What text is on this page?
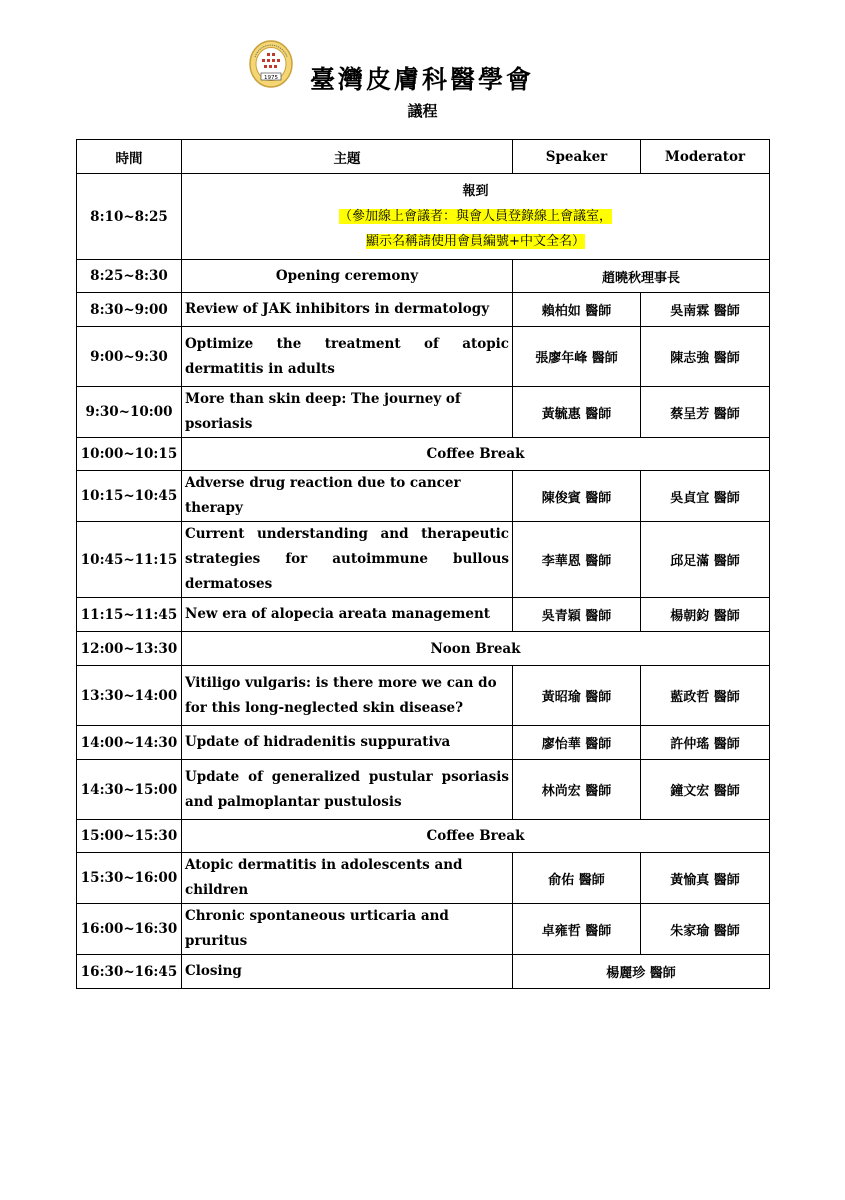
1975 臺灣皮膚科醫學會
議程
時間	主題	Speaker	Moderator
8:10~8:25	報到
（參加線上會議者：與會人員登錄線上會議室，
顯示名稱請使用會員編號+中文全名）		

8:25~8:30	Opening ceremony	趙曉秋理事長	
8:30~9:00	Review of JAK inhibitors in dermatology	賴柏如 醫師	吳南霖 醫師
9:00~9:30	Optimize the treatment of atopic dermatitis in adults	張廖年峰 醫師	陳志強 醫師
9:30~10:00	More than skin deep: The journey of psoriasis	黃毓惠 醫師	蔡呈芳 醫師
10:00~10:15	Coffee Break		
10:15~10:45	Adverse drug reaction due to cancer therapy	陳俊賓 醫師	吳貞宜 醫師
10:45~11:15	Current understanding and therapeutic strategies for autoimmune bullous dermatoses	李華恩 醫師	邱足滿 醫師
11:15~11:45	New era of alopecia areata management	吳青穎 醫師	楊朝鈞 醫師
12:00~13:30	Noon Break		
13:30~14:00	Vitiligo vulgaris: is there more we can do for this long-neglected skin disease?	黃昭瑜 醫師	藍政哲 醫師
14:00~14:30	Update of hidradenitis suppurativa	廖怡華 醫師	許仲瑤 醫師
14:30~15:00	Update of generalized pustular psoriasis and palmoplantar pustulosis	林尚宏 醫師	鐘文宏 醫師
15:00~15:30	Coffee Break		
15:30~16:00	Atopic dermatitis in adolescents and children	俞佑 醫師	黃愉真 醫師
16:00~16:30	Chronic spontaneous urticaria and pruritus	卓雍哲 醫師	朱家瑜 醫師
16:30~16:45	Closing	楊麗珍 醫師	
